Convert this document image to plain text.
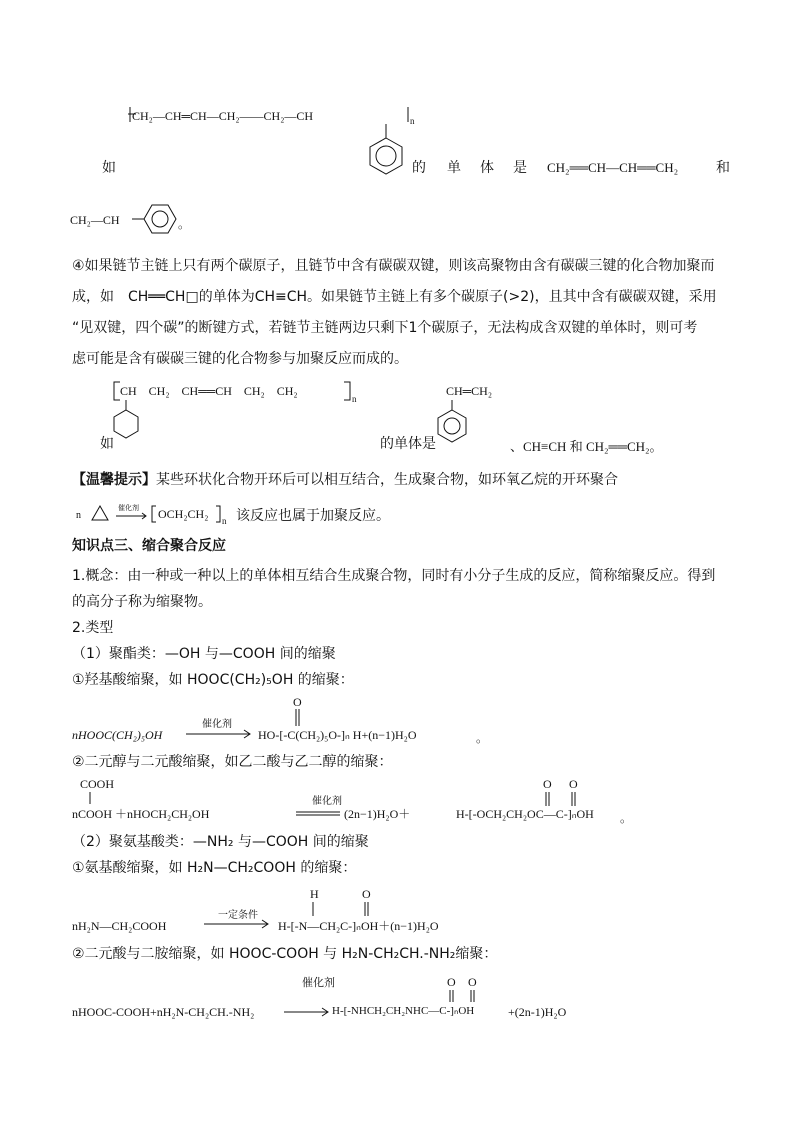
CH₂—CH═CH—CH₂——CH₂—CH	n
如	的 单 体 是 CH₂══CH—CH══CH₂	和
CH₂—CH	。
④如果链节主链上只有两个碳原子，且链节中含有碳碳双键，则该高聚物由含有碳碳三键的化合物加聚而
成，如　CH══CH□的单体为CH≡CH。如果链节主链上有多个碳原子(>2)，且其中含有碳碳双键，采用
“见双键，四个碳”的断键方式，若链节主链两边只剩下1个碳原子，无法构成含双键的单体时，则可考
虑可能是含有碳碳三键的化合物参与加聚反应而成的。
CH　CH₂　CH══CH　CH₂　CH₂
n
如	的单体是
CH═CH₂
、CH≡CH 和 CH₂══CH₂。
【温馨提示】某些环状化合物开环后可以相互结合，生成聚合物，如环氧乙烷的开环聚合
n
催化剂 OCH₂CH₂ n 该反应也属于加聚反应。
知识点三、缩合聚合反应
1.概念：由一种或一种以上的单体相互结合生成聚合物，同时有小分子生成的反应，简称缩聚反应。得到
的高分子称为缩聚物。
2.类型
（1）聚酯类：—OH 与—COOH 间的缩聚
①羟基酸缩聚，如 HOOC(CH₂)₅OH 的缩聚：
nHOOC(CH₂)₅OH
催化剂
O
HO-[-C(CH₂)₅O-]ₙ H+(n−1)H₂O	。
②二元醇与二元酸缩聚，如乙二酸与乙二醇的缩聚：
COOH
nCOOH ＋nHOCH₂CH₂OH
催化剂
(2n−1)H₂O＋
O O
H-[-OCH₂CH₂OC—C-]ₙOH 。
（2）聚氨基酸类：—NH₂ 与—COOH 间的缩聚
①氨基酸缩聚，如 H₂N—CH₂COOH 的缩聚：
nH₂N—CH₂COOH
一定条件
H	O
H-[-N—CH₂C-]ₙOH＋(n−1)H₂O
②二元酸与二胺缩聚，如 HOOC-COOH 与 H₂N-CH₂CH.-NH₂缩聚：
催化剂
nHOOC-COOH+nH₂N-CH₂CH.-NH₂
O O
H-[-NHCH₂CH₂NHC—C-]ₙOH	+(2n-1)H₂O
